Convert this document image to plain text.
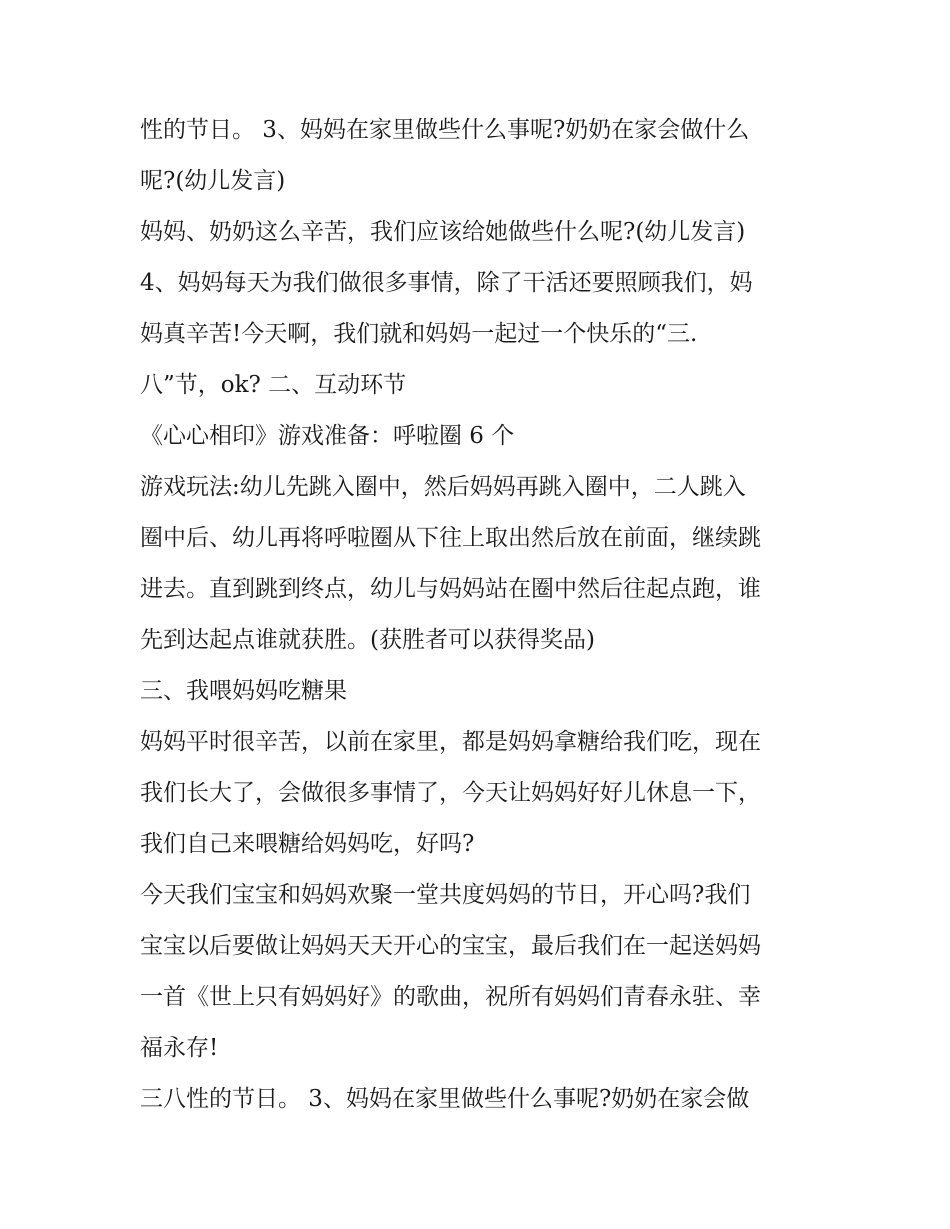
性的节日。 3、妈妈在家里做些什么事呢?奶奶在家会做什么
呢?(幼儿发言)
妈妈、奶奶这么辛苦，我们应该给她做些什么呢?(幼儿发言)
4、妈妈每天为我们做很多事情，除了干活还要照顾我们，妈
妈真辛苦!今天啊，我们就和妈妈一起过一个快乐的“三.
八”节，ok? 二、互动环节
《心心相印》游戏准备：呼啦圈 6 个
游戏玩法:幼儿先跳入圈中，然后妈妈再跳入圈中，二人跳入
圈中后、幼儿再将呼啦圈从下往上取出然后放在前面，继续跳
进去。直到跳到终点，幼儿与妈妈站在圈中然后往起点跑，谁
先到达起点谁就获胜。(获胜者可以获得奖品)
三、我喂妈妈吃糖果
妈妈平时很辛苦，以前在家里，都是妈妈拿糖给我们吃，现在
我们长大了，会做很多事情了，今天让妈妈好好儿休息一下，
我们自己来喂糖给妈妈吃，好吗?
今天我们宝宝和妈妈欢聚一堂共度妈妈的节日，开心吗?我们
宝宝以后要做让妈妈天天开心的宝宝，最后我们在一起送妈妈
一首《世上只有妈妈好》的歌曲，祝所有妈妈们青春永驻、幸
福永存!
三八性的节日。 3、妈妈在家里做些什么事呢?奶奶在家会做
